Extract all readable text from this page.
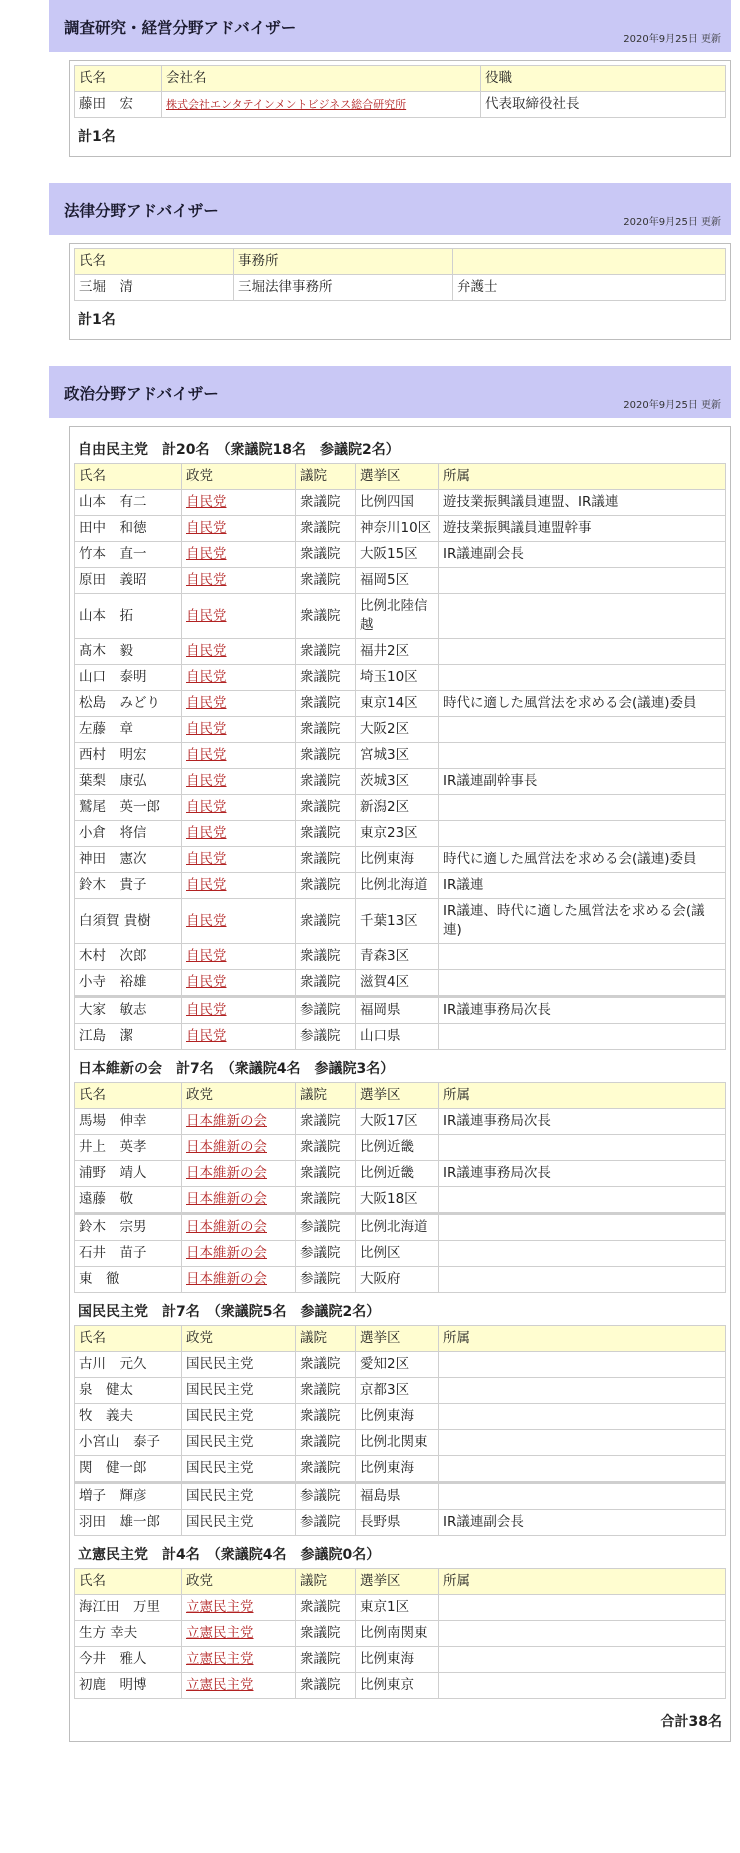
調査研究・経営分野アドバイザー
2020年9月25日 更新
氏名	会社名	役職
藤田　宏	株式会社エンタテインメントビジネス総合研究所	代表取締役社長
計1名
法律分野アドバイザー
2020年9月25日 更新
氏名	事務所	
三堀　清	三堀法律事務所	弁護士
計1名
政治分野アドバイザー
2020年9月25日 更新
自由民主党　計20名　（衆議院18名　参議院2名）
氏名	政党	議院	選挙区	所属
山本　有二	自民党	衆議院	比例四国	遊技業振興議員連盟、IR議連
田中　和徳	自民党	衆議院	神奈川10区	遊技業振興議員連盟幹事
竹本　直一	自民党	衆議院	大阪15区	IR議連副会長
原田　義昭	自民党	衆議院	福岡5区	
山本　拓	自民党	衆議院	比例北陸信越	
髙木　毅	自民党	衆議院	福井2区	
山口　泰明	自民党	衆議院	埼玉10区	
松島　みどり	自民党	衆議院	東京14区	時代に適した風営法を求める会(議連)委員
左藤　章	自民党	衆議院	大阪2区	
西村　明宏	自民党	衆議院	宮城3区	
葉梨　康弘	自民党	衆議院	茨城3区	IR議連副幹事長
鷲尾　英一郎	自民党	衆議院	新潟2区	
小倉　将信	自民党	衆議院	東京23区	
神田　憲次	自民党	衆議院	比例東海	時代に適した風営法を求める会(議連)委員
鈴木　貴子	自民党	衆議院	比例北海道	IR議連
白須賀 貴樹	自民党	衆議院	千葉13区	IR議連、時代に適した風営法を求める会(議連)
木村　次郎	自民党	衆議院	青森3区	
小寺　裕雄	自民党	衆議院	滋賀4区	
大家　敏志	自民党	参議院	福岡県	IR議連事務局次長
江島　潔	自民党	参議院	山口県	
日本維新の会　計7名　（衆議院4名　参議院3名）
氏名	政党	議院	選挙区	所属
馬場　伸幸	日本維新の会	衆議院	大阪17区	IR議連事務局次長
井上　英孝	日本維新の会	衆議院	比例近畿	
浦野　靖人	日本維新の会	衆議院	比例近畿	IR議連事務局次長
遠藤　敬	日本維新の会	衆議院	大阪18区	
鈴木　宗男	日本維新の会	参議院	比例北海道	
石井　苗子	日本維新の会	参議院	比例区	
東　徹	日本維新の会	参議院	大阪府	
国民民主党　計7名　（衆議院5名　参議院2名）
氏名	政党	議院	選挙区	所属
古川　元久	国民民主党	衆議院	愛知2区	
泉　健太	国民民主党	衆議院	京都3区	
牧　義夫	国民民主党	衆議院	比例東海	
小宮山　泰子	国民民主党	衆議院	比例北関東	
関　健一郎	国民民主党	衆議院	比例東海	
増子　輝彦	国民民主党	参議院	福島県	
羽田　雄一郎	国民民主党	参議院	長野県	IR議連副会長
立憲民主党　計4名　（衆議院4名　参議院0名）
氏名	政党	議院	選挙区	所属
海江田　万里	立憲民主党	衆議院	東京1区	
生方 幸夫	立憲民主党	衆議院	比例南関東	
今井　雅人	立憲民主党	衆議院	比例東海	
初鹿　明博	立憲民主党	衆議院	比例東京	
合計38名
